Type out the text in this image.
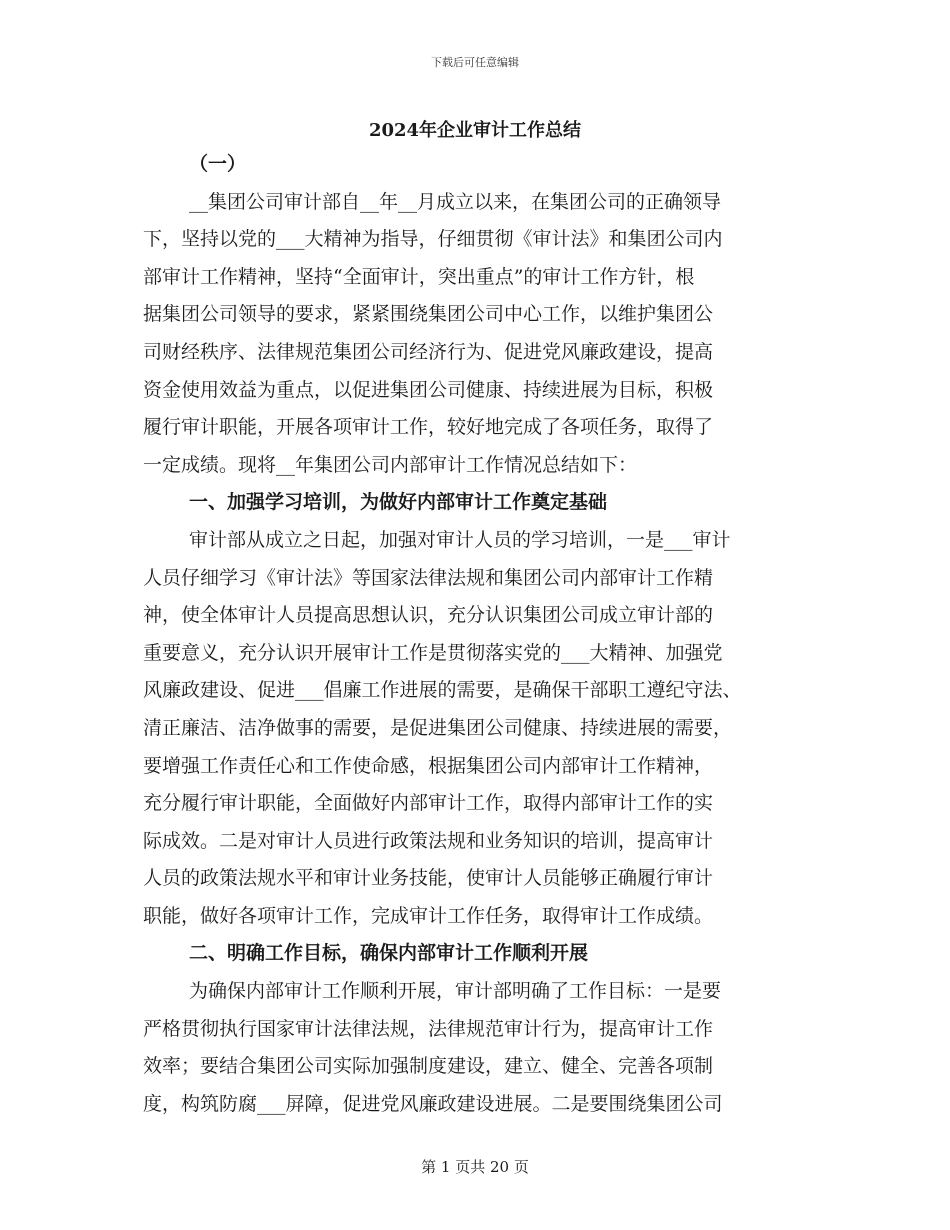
下载后可任意编辑
2024年企业审计工作总结
（一）
__集团公司审计部自__年__月成立以来，在集团公司的正确领导
下，坚持以党的___大精神为指导，仔细贯彻《审计法》和集团公司内
部审计工作精神，坚持“全面审计，突出重点”的审计工作方针，根
据集团公司领导的要求，紧紧围绕集团公司中心工作，以维护集团公
司财经秩序、法律规范集团公司经济行为、促进党风廉政建设，提高
资金使用效益为重点，以促进集团公司健康、持续进展为目标，积极
履行审计职能，开展各项审计工作，较好地完成了各项任务，取得了
一定成绩。现将__年集团公司内部审计工作情况总结如下：
一、加强学习培训，为做好内部审计工作奠定基础
审计部从成立之日起，加强对审计人员的学习培训，一是___审计
人员仔细学习《审计法》等国家法律法规和集团公司内部审计工作精
神，使全体审计人员提高思想认识，充分认识集团公司成立审计部的
重要意义，充分认识开展审计工作是贯彻落实党的___大精神、加强党
风廉政建设、促进___倡廉工作进展的需要，是确保干部职工遵纪守法、
清正廉洁、洁净做事的需要，是促进集团公司健康、持续进展的需要，
要增强工作责任心和工作使命感，根据集团公司内部审计工作精神，
充分履行审计职能，全面做好内部审计工作，取得内部审计工作的实
际成效。二是对审计人员进行政策法规和业务知识的培训，提高审计
人员的政策法规水平和审计业务技能，使审计人员能够正确履行审计
职能，做好各项审计工作，完成审计工作任务，取得审计工作成绩。
二、明确工作目标，确保内部审计工作顺利开展
为确保内部审计工作顺利开展，审计部明确了工作目标：一是要
严格贯彻执行国家审计法律法规，法律规范审计行为，提高审计工作
效率；要结合集团公司实际加强制度建设，建立、健全、完善各项制
度，构筑防腐___屏障，促进党风廉政建设进展。二是要围绕集团公司
第 1 页共 20 页
